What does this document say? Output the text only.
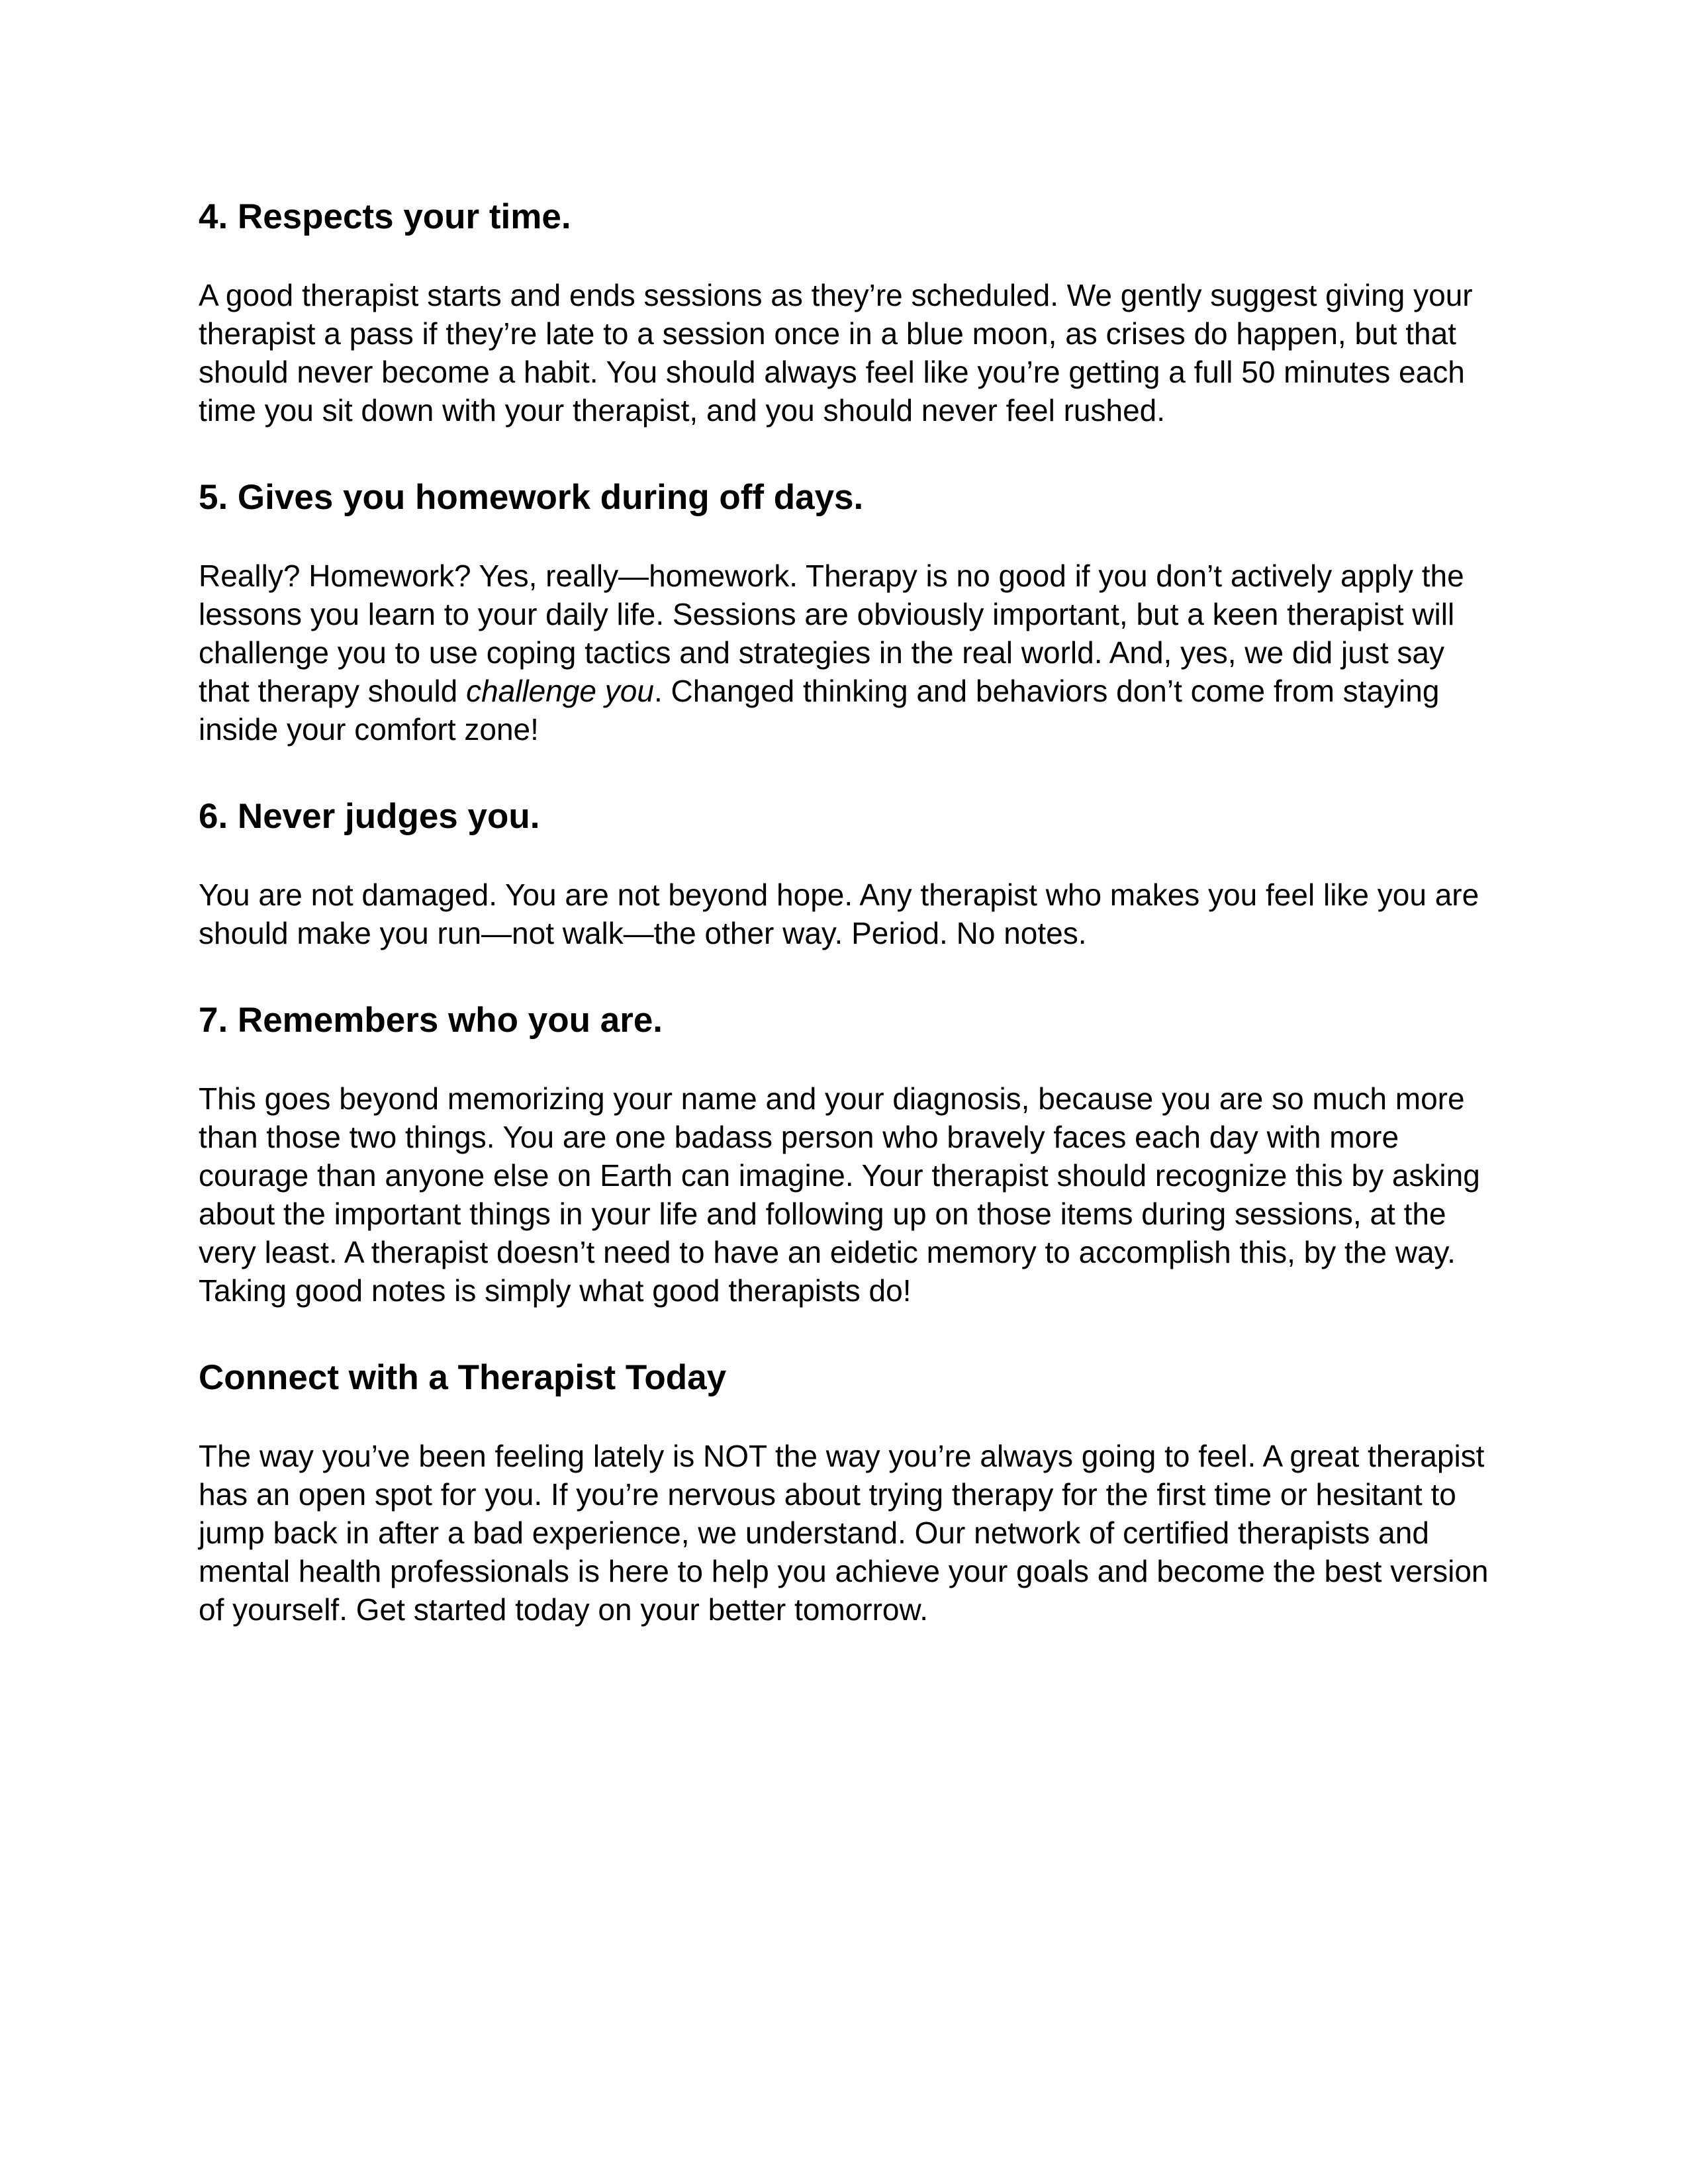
4. Respects your time.

A good therapist starts and ends sessions as they’re scheduled. We gently suggest giving your therapist a pass if they’re late to a session once in a blue moon, as crises do happen, but that should never become a habit. You should always feel like you’re getting a full 50 minutes each time you sit down with your therapist, and you should never feel rushed.

5. Gives you homework during off days.

Really? Homework? Yes, really—homework. Therapy is no good if you don’t actively apply the lessons you learn to your daily life. Sessions are obviously important, but a keen therapist will challenge you to use coping tactics and strategies in the real world. And, yes, we did just say that therapy should challenge you. Changed thinking and behaviors don’t come from staying inside your comfort zone!

6. Never judges you.

You are not damaged. You are not beyond hope. Any therapist who makes you feel like you are should make you run—not walk—the other way. Period. No notes.

7. Remembers who you are.

This goes beyond memorizing your name and your diagnosis, because you are so much more than those two things. You are one badass person who bravely faces each day with more courage than anyone else on Earth can imagine. Your therapist should recognize this by asking about the important things in your life and following up on those items during sessions, at the very least. A therapist doesn’t need to have an eidetic memory to accomplish this, by the way. Taking good notes is simply what good therapists do!

Connect with a Therapist Today

The way you’ve been feeling lately is NOT the way you’re always going to feel. A great therapist has an open spot for you. If you’re nervous about trying therapy for the first time or hesitant to jump back in after a bad experience, we understand. Our network of certified therapists and mental health professionals is here to help you achieve your goals and become the best version of yourself. Get started today on your better tomorrow.
